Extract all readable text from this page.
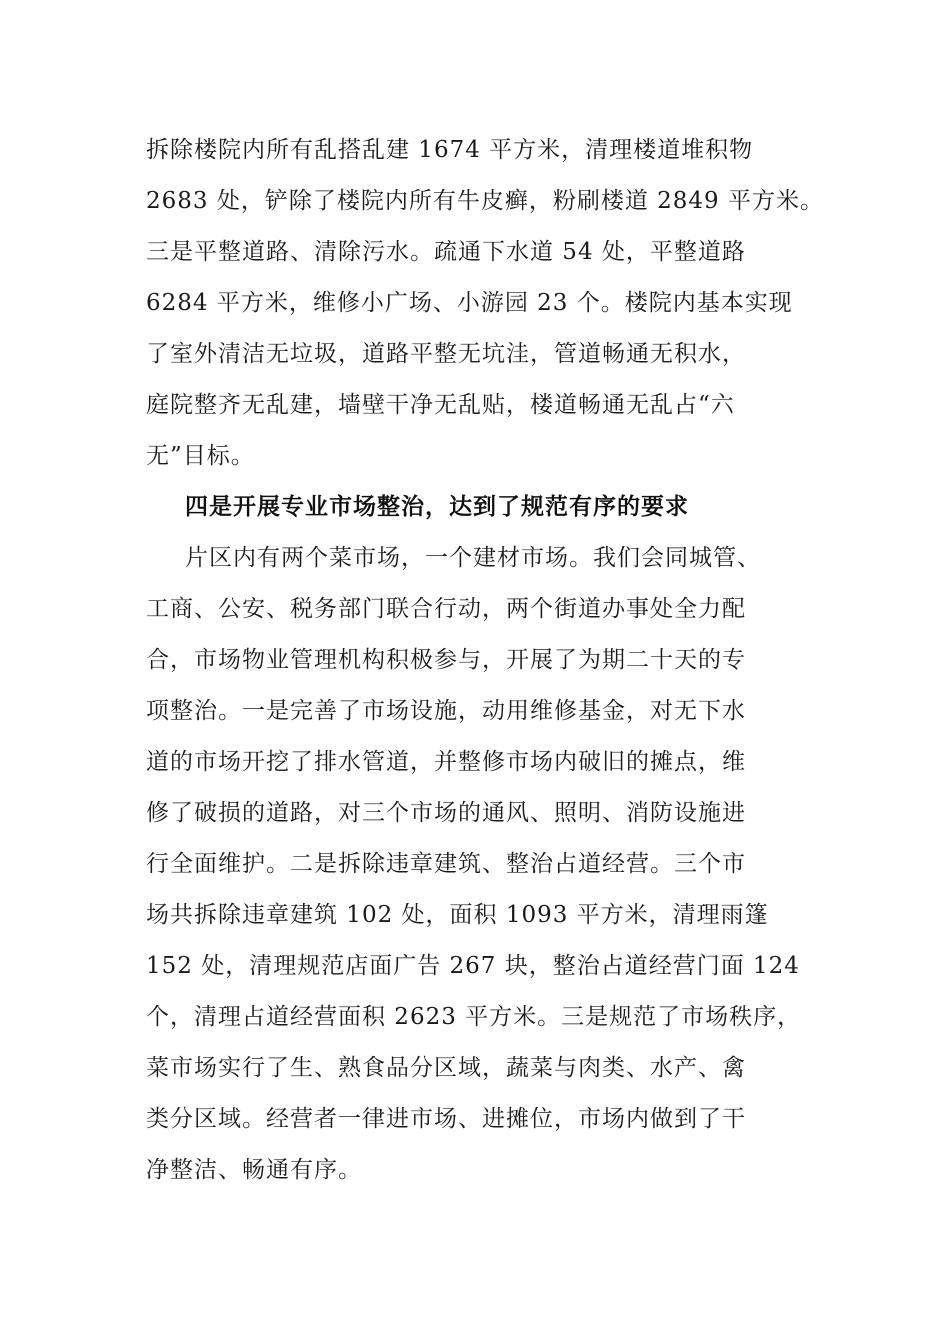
拆除楼院内所有乱搭乱建 1674 平方米，清理楼道堆积物
2683 处，铲除了楼院内所有牛皮癣，粉刷楼道 2849 平方米。
三是平整道路、清除污水。疏通下水道 54 处，平整道路
6284 平方米，维修小广场、小游园 23 个。楼院内基本实现
了室外清洁无垃圾，道路平整无坑洼，管道畅通无积水，
庭院整齐无乱建，墙壁干净无乱贴，楼道畅通无乱占“六
无”目标。
四是开展专业市场整治，达到了规范有序的要求
片区内有两个菜市场，一个建材市场。我们会同城管、
工商、公安、税务部门联合行动，两个街道办事处全力配
合，市场物业管理机构积极参与，开展了为期二十天的专
项整治。一是完善了市场设施，动用维修基金，对无下水
道的市场开挖了排水管道，并整修市场内破旧的摊点，维
修了破损的道路，对三个市场的通风、照明、消防设施进
行全面维护。二是拆除违章建筑、整治占道经营。三个市
场共拆除违章建筑 102 处，面积 1093 平方米，清理雨篷
152 处，清理规范店面广告 267 块，整治占道经营门面 124
个，清理占道经营面积 2623 平方米。三是规范了市场秩序，
菜市场实行了生、熟食品分区域，蔬菜与肉类、水产、禽
类分区域。经营者一律进市场、进摊位，市场内做到了干
净整洁、畅通有序。
